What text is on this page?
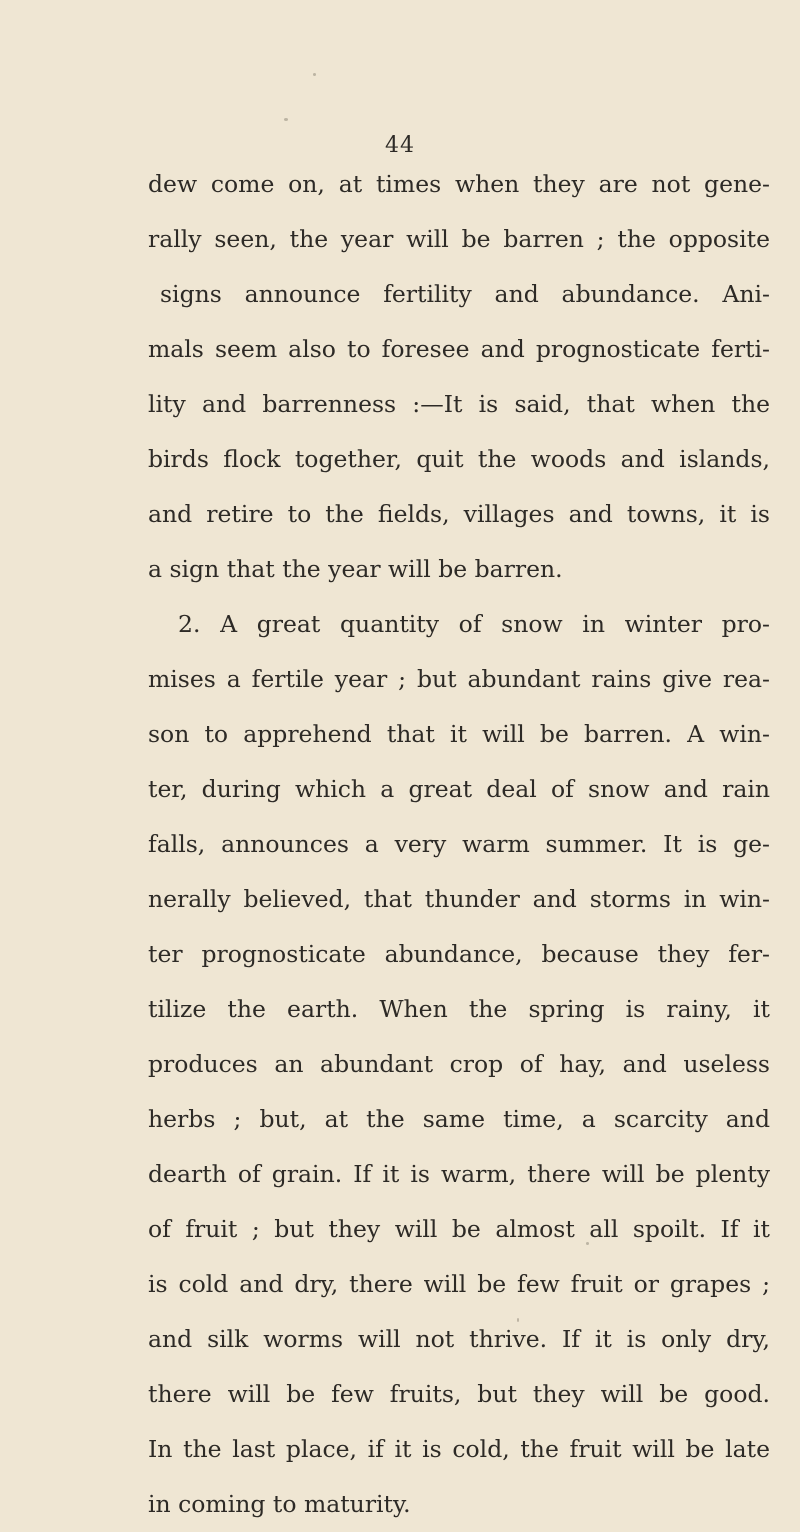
44
dew come on, at times when they are not gene-
rally seen, the year will be barren ; the opposite
signs announce fertility and abundance. Ani-
mals seem also to foresee and prognosticate ferti-
lity and barrenness :—It is said, that when the
birds flock together, quit the woods and islands,
and retire to the fields, villages and towns, it is
a sign that the year will be barren.
2. A great quantity of snow in winter pro-
mises a fertile year ; but abundant rains give rea-
son to apprehend that it will be barren. A win-
ter, during which a great deal of snow and rain
falls, announces a very warm summer. It is ge-
nerally believed, that thunder and storms in win-
ter prognosticate abundance, because they fer-
tilize the earth. When the spring is rainy, it
produces an abundant crop of hay, and useless
herbs ; but, at the same time, a scarcity and
dearth of grain. If it is warm, there will be plenty
of fruit ; but they will be almost all spoilt. If it
is cold and dry, there will be few fruit or grapes ;
and silk worms will not thrive. If it is only dry,
there will be few fruits, but they will be good.
In the last place, if it is cold, the fruit will be late
in coming to maturity.
